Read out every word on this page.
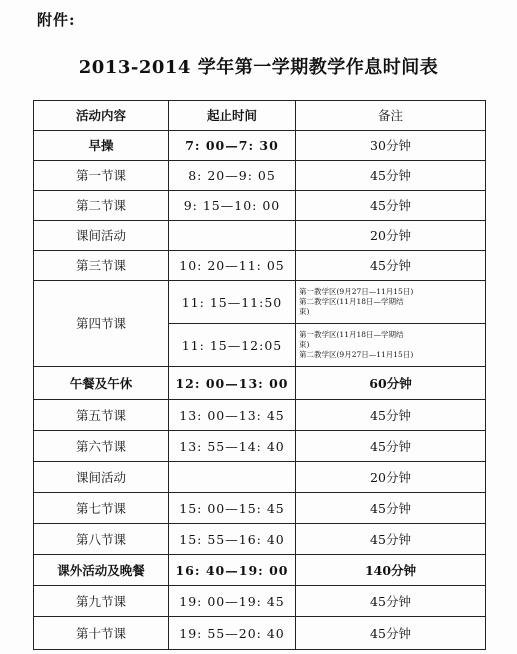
附件:
2013-2014 学年第一学期教学作息时间表
活动内容	起止时间	备注
早操	7: 00—7: 30	30分钟
第一节课	8: 20—9: 05	45分钟
第二节课	9: 15—10: 00	45分钟
课间活动		20分钟
第三节课	10: 20—11: 05	45分钟
第四节课	11: 15—11:50	第一教学区(9月27日—11月15日)
第二教学区(11月18日—学期结
束)

	11: 15—12:05	第一教学区(11月18日—学期结
束)
第二教学区(9月27日—11月15日)

午餐及午休	12: 00—13: 00	60分钟
第五节课	13: 00—13: 45	45分钟
第六节课	13: 55—14: 40	45分钟
课间活动		20分钟
第七节课	15: 00—15: 45	45分钟
第八节课	15: 55—16: 40	45分钟
课外活动及晚餐	16: 40—19: 00	140分钟
第九节课	19: 00—19: 45	45分钟
第十节课	19: 55—20: 40	45分钟
